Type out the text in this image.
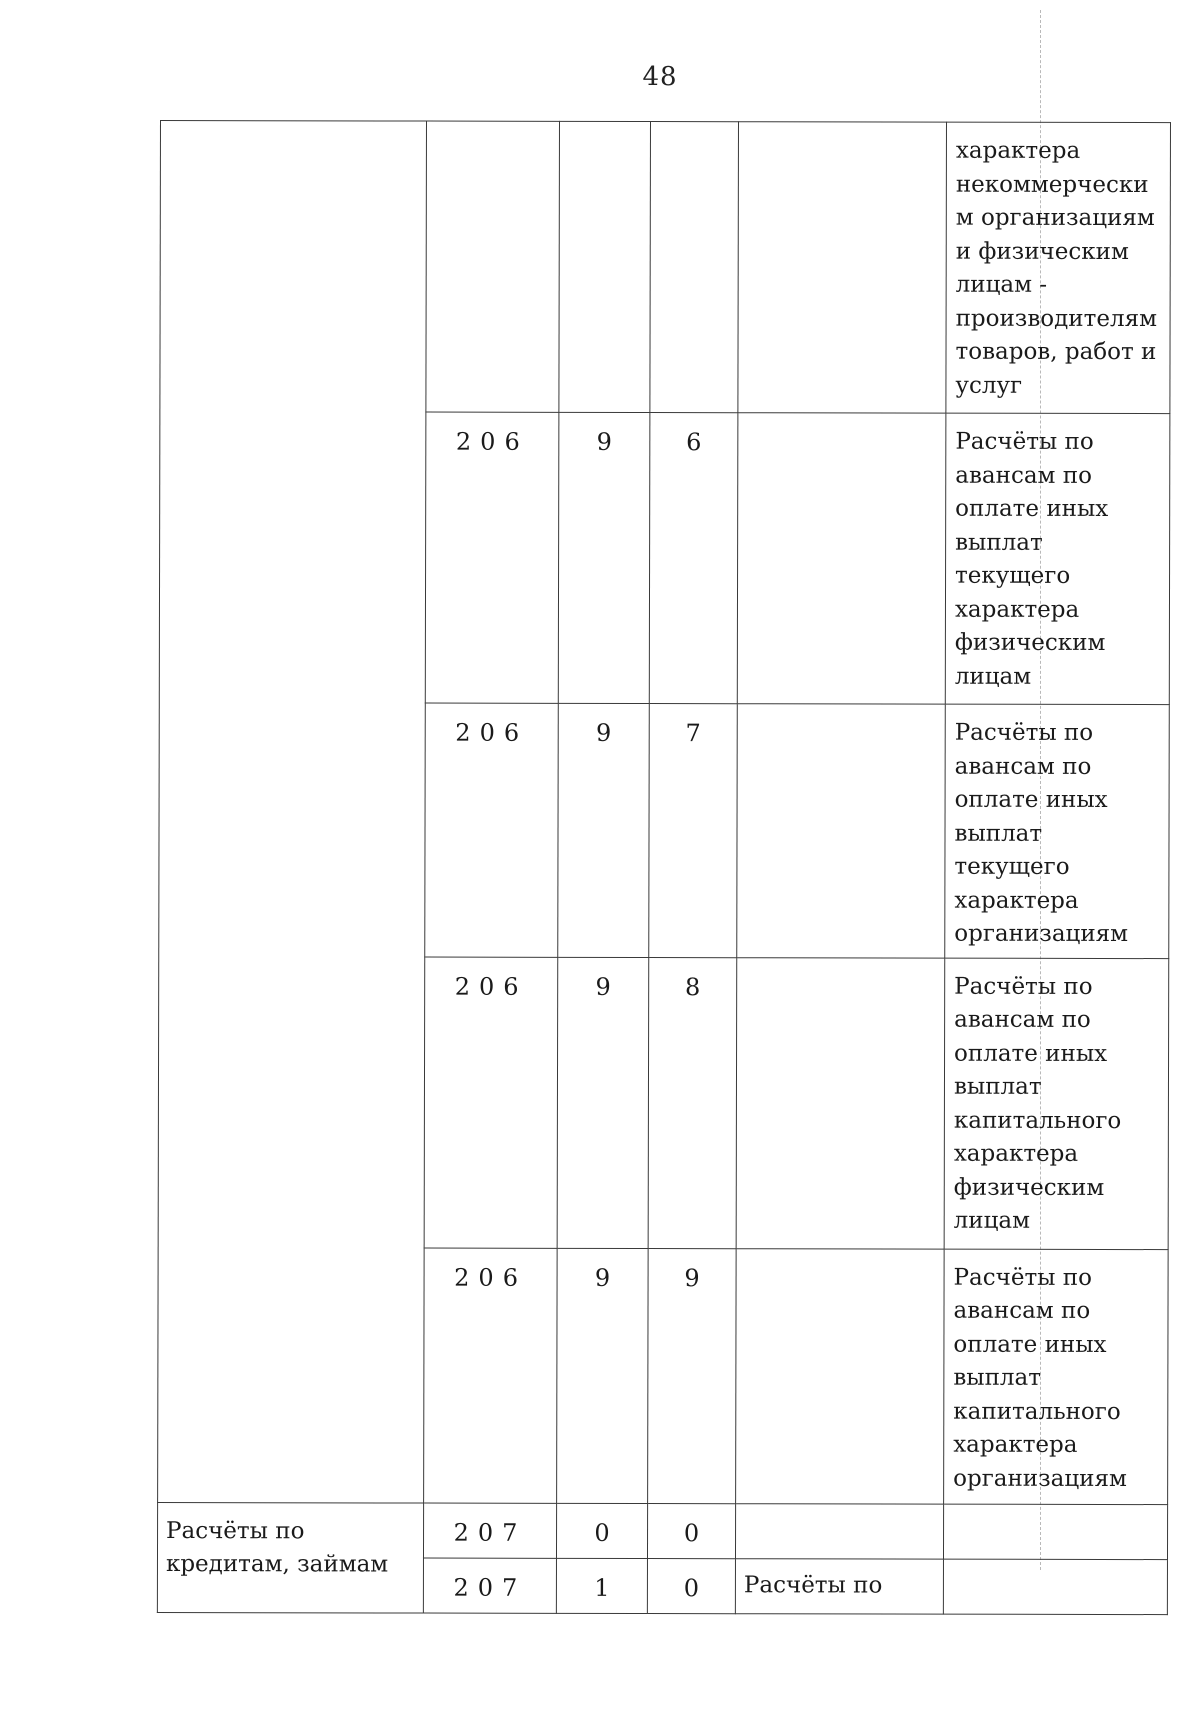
48

					характера некоммерчески м организациям и физическим лицам - производителям товаров, работ и услуг

	206	9	6		Расчёты по авансам по оплате иных выплат текущего характера физическим лицам

	206	9	7		Расчёты по авансам по оплате иных выплат текущего характера организациям

	206	9	8		Расчёты по авансам по оплате иных выплат капитального характера физическим лицам

	206	9	9		Расчёты по авансам по оплате иных выплат капитального характера организациям

Расчёты по кредитам, займам	207	0	0		

	207	1	0	Расчёты по	
